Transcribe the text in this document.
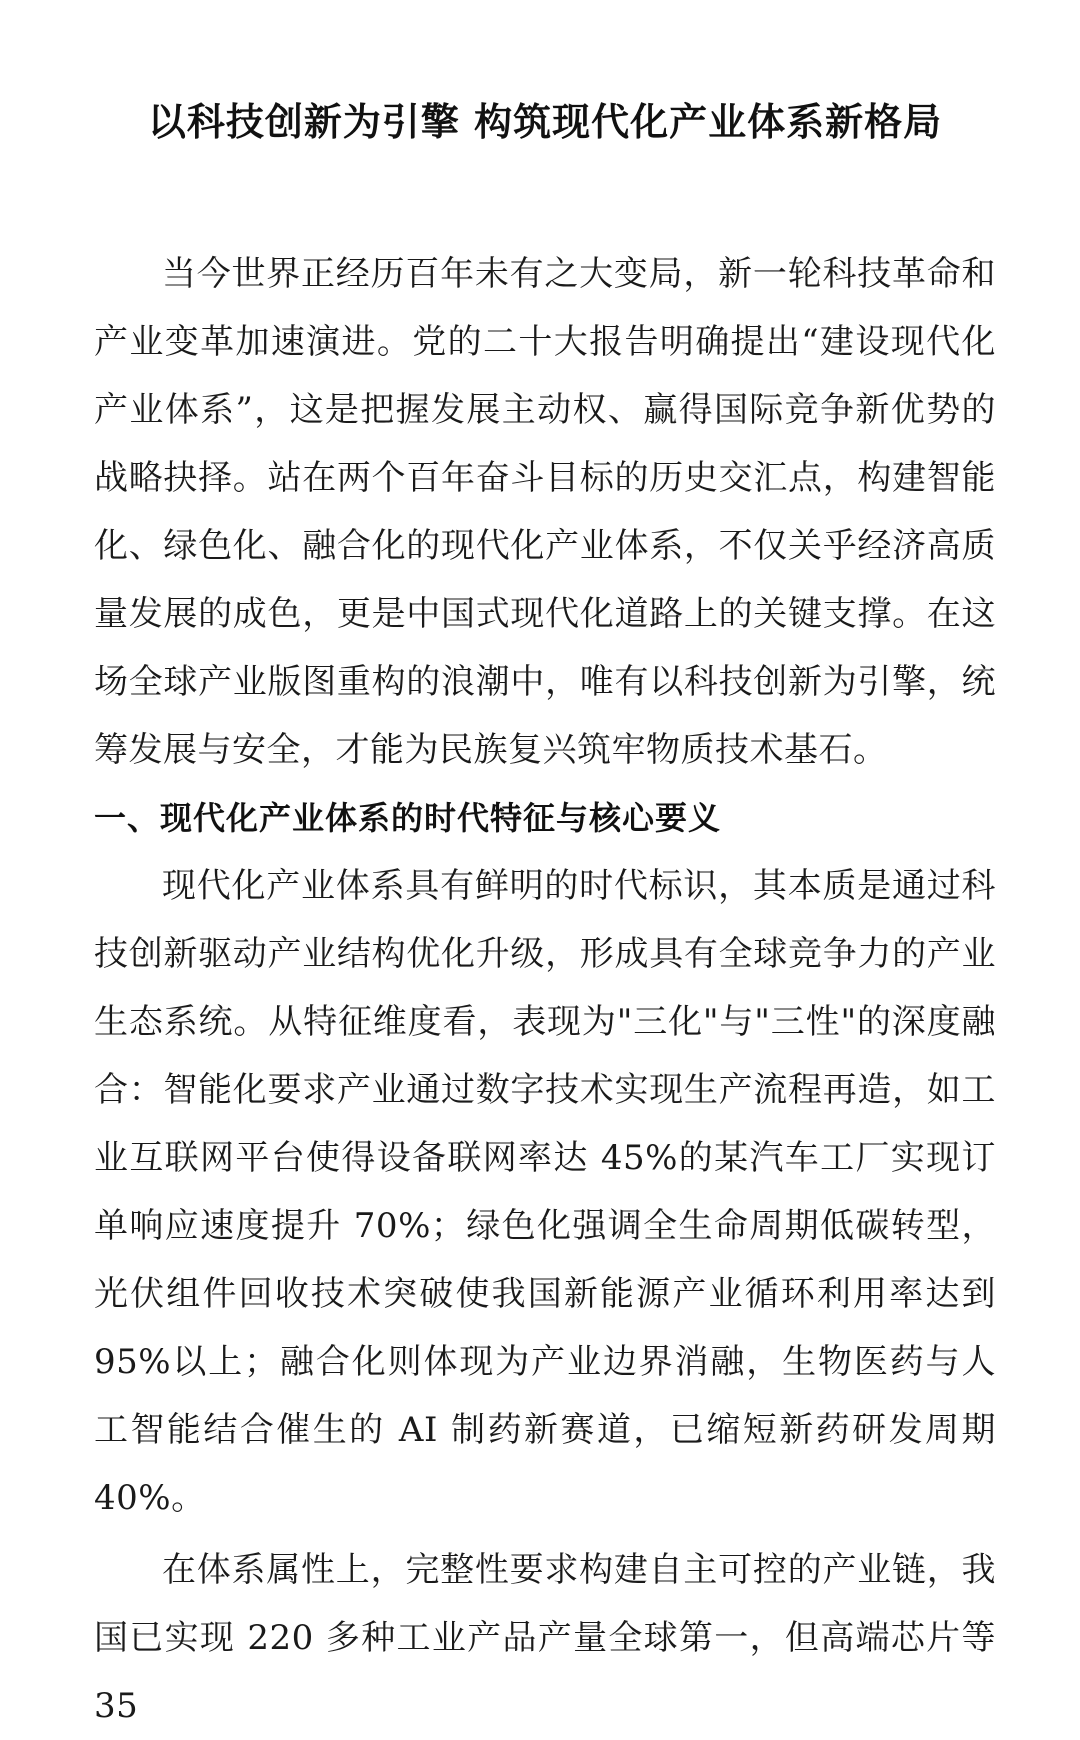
以科技创新为引擎 构筑现代化产业体系新格局

当今世界正经历百年未有之大变局，新一轮科技革命和产业变革加速演进。党的二十大报告明确提出“建设现代化产业体系”，这是把握发展主动权、赢得国际竞争新优势的战略抉择。站在两个百年奋斗目标的历史交汇点，构建智能化、绿色化、融合化的现代化产业体系，不仅关乎经济高质量发展的成色，更是中国式现代化道路上的关键支撑。在这场全球产业版图重构的浪潮中，唯有以科技创新为引擎，统筹发展与安全，才能为民族复兴筑牢物质技术基石。

一、现代化产业体系的时代特征与核心要义

现代化产业体系具有鲜明的时代标识，其本质是通过科技创新驱动产业结构优化升级，形成具有全球竞争力的产业生态系统。从特征维度看，表现为"三化"与"三性"的深度融合：智能化要求产业通过数字技术实现生产流程再造，如工业互联网平台使得设备联网率达 45%的某汽车工厂实现订单响应速度提升 70%；绿色化强调全生命周期低碳转型，光伏组件回收技术突破使我国新能源产业循环利用率达到 95%以上；融合化则体现为产业边界消融，生物医药与人工智能结合催生的 AI 制药新赛道，已缩短新药研发周期 40%。

在体系属性上，完整性要求构建自主可控的产业链，我国已实现 220 多种工业产品产量全球第一，但高端芯片等 35
